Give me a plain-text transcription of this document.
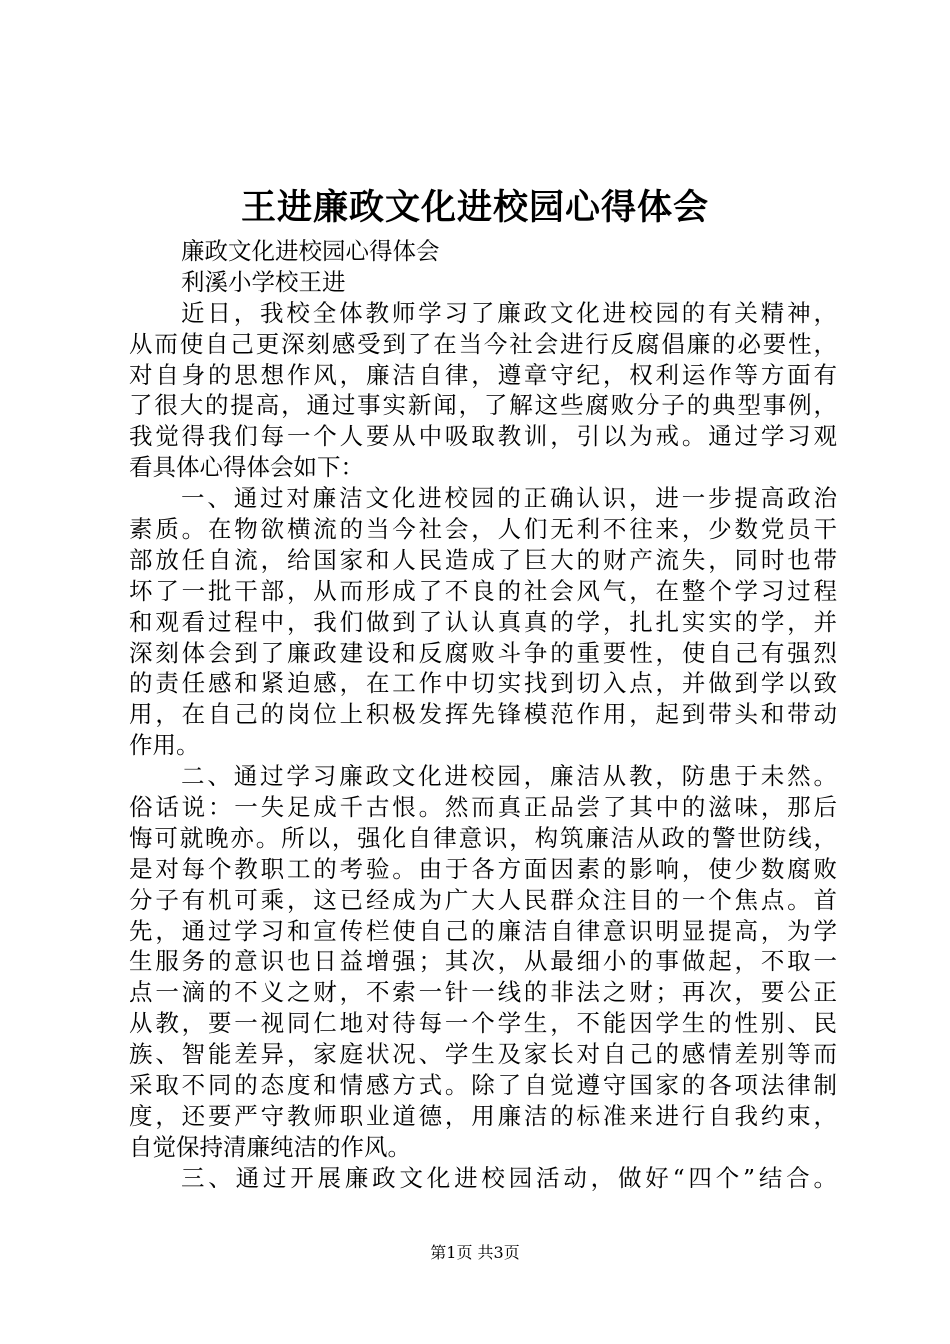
王进廉政文化进校园心得体会
廉政文化进校园心得体会
利溪小学校王进
近日，我校全体教师学习了廉政文化进校园的有关精神，
从而使自己更深刻感受到了在当今社会进行反腐倡廉的必要性，
对自身的思想作风，廉洁自律，遵章守纪，权利运作等方面有
了很大的提高，通过事实新闻，了解这些腐败分子的典型事例，
我觉得我们每一个人要从中吸取教训，引以为戒。通过学习观
看具体心得体会如下：
一、通过对廉洁文化进校园的正确认识，进一步提高政治
素质。在物欲横流的当今社会，人们无利不往来，少数党员干
部放任自流，给国家和人民造成了巨大的财产流失，同时也带
坏了一批干部，从而形成了不良的社会风气，在整个学习过程
和观看过程中，我们做到了认认真真的学，扎扎实实的学，并
深刻体会到了廉政建设和反腐败斗争的重要性，使自己有强烈
的责任感和紧迫感，在工作中切实找到切入点，并做到学以致
用，在自己的岗位上积极发挥先锋模范作用，起到带头和带动
作用。
二、通过学习廉政文化进校园，廉洁从教，防患于未然。
俗话说：一失足成千古恨。然而真正品尝了其中的滋味，那后
悔可就晚亦。所以，强化自律意识，构筑廉洁从政的警世防线，
是对每个教职工的考验。由于各方面因素的影响，使少数腐败
分子有机可乘，这已经成为广大人民群众注目的一个焦点。首
先，通过学习和宣传栏使自己的廉洁自律意识明显提高，为学
生服务的意识也日益增强；其次，从最细小的事做起，不取一
点一滴的不义之财，不索一针一线的非法之财；再次，要公正
从教，要一视同仁地对待每一个学生，不能因学生的性别、民
族、智能差异，家庭状况、学生及家长对自己的感情差别等而
采取不同的态度和情感方式。除了自觉遵守国家的各项法律制
度，还要严守教师职业道德，用廉洁的标准来进行自我约束，
自觉保持清廉纯洁的作风。
三、通过开展廉政文化进校园活动，做好“四个”结合。
第1页 共3页
